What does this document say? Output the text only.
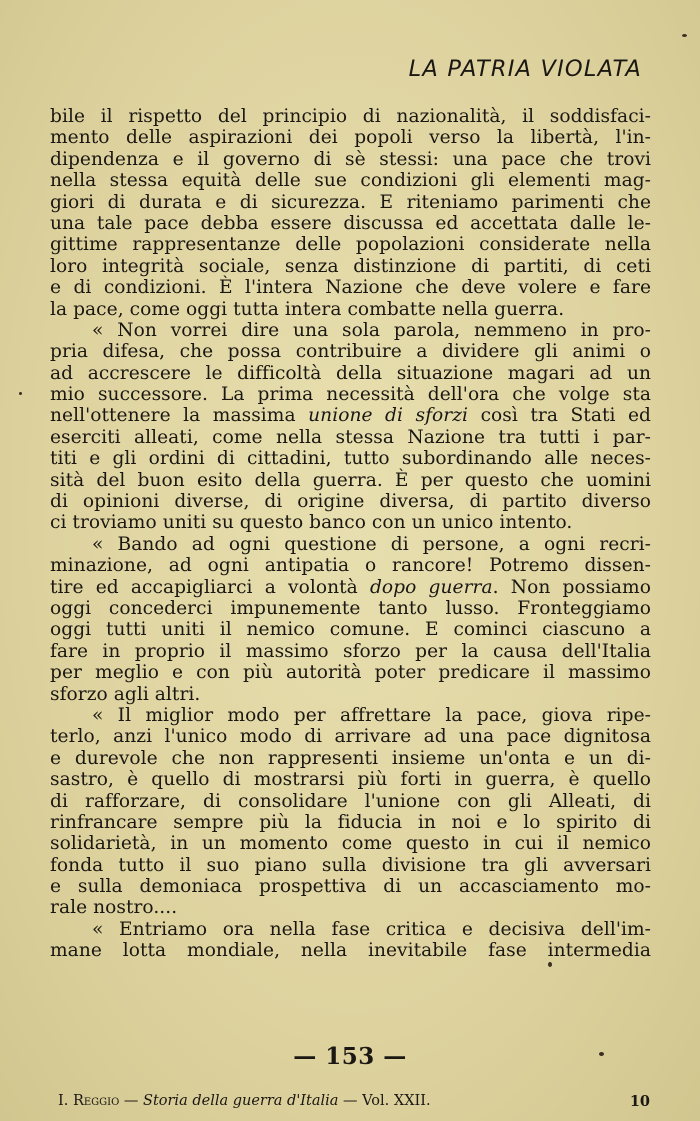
LA PATRIA VIOLATA
bile il rispetto del principio di nazionalità, il soddisfaci-
mento delle aspirazioni dei popoli verso la libertà, l'in-
dipendenza e il governo di sè stessi: una pace che trovi
nella stessa equità delle sue condizioni gli elementi mag-
giori di durata e di sicurezza. E riteniamo parimenti che
una tale pace debba essere discussa ed accettata dalle le-
gittime rappresentanze delle popolazioni considerate nella
loro integrità sociale, senza distinzione di partiti, di ceti
e di condizioni. È l'intera Nazione che deve volere e fare
la pace, come oggi tutta intera combatte nella guerra.
« Non vorrei dire una sola parola, nemmeno in pro-
pria difesa, che possa contribuire a dividere gli animi o
ad accrescere le difficoltà della situazione magari ad un
mio successore. La prima necessità dell'ora che volge sta
nell'ottenere la massima unione di sforzi così tra Stati ed
eserciti alleati, come nella stessa Nazione tra tutti i par-
titi e gli ordini di cittadini, tutto subordinando alle neces-
sità del buon esito della guerra. È per questo che uomini
di opinioni diverse, di origine diversa, di partito diverso
ci troviamo uniti su questo banco con un unico intento.
« Bando ad ogni questione di persone, a ogni recri-
minazione, ad ogni antipatia o rancore! Potremo dissen-
tire ed accapigliarci a volontà dopo guerra. Non possiamo
oggi concederci impunemente tanto lusso. Fronteggiamo
oggi tutti uniti il nemico comune. E cominci ciascuno a
fare in proprio il massimo sforzo per la causa dell'Italia
per meglio e con più autorità poter predicare il massimo
sforzo agli altri.
« Il miglior modo per affrettare la pace, giova ripe-
terlo, anzi l'unico modo di arrivare ad una pace dignitosa
e durevole che non rappresenti insieme un'onta e un di-
sastro, è quello di mostrarsi più forti in guerra, è quello
di rafforzare, di consolidare l'unione con gli Alleati, di
rinfrancare sempre più la fiducia in noi e lo spirito di
solidarietà, in un momento come questo in cui il nemico
fonda tutto il suo piano sulla divisione tra gli avversari
e sulla demoniaca prospettiva di un accasciamento mo-
rale nostro....
« Entriamo ora nella fase critica e decisiva dell'im-
mane lotta mondiale, nella inevitabile fase intermedia
— 153 —
I. Reggio — Storia della guerra d'Italia — Vol. XXII.	10
